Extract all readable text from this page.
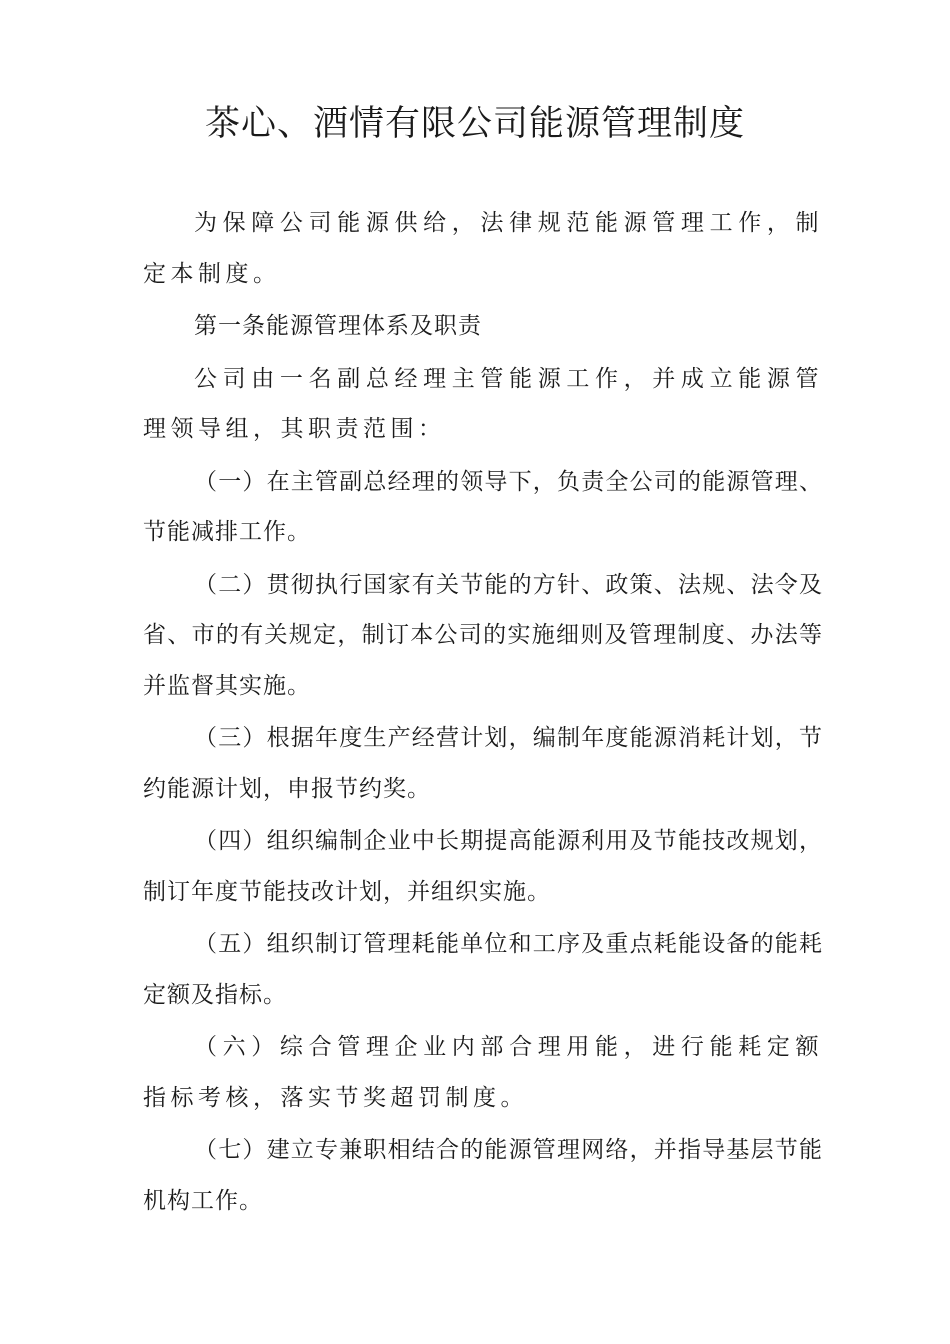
茶心、酒情有限公司能源管理制度

为保障公司能源供给，法律规范能源管理工作，制定本制度。

第一条能源管理体系及职责

公司由一名副总经理主管能源工作，并成立能源管理领导组，其职责范围：

（一）在主管副总经理的领导下，负责全公司的能源管理、节能减排工作。

（二）贯彻执行国家有关节能的方针、政策、法规、法令及省、市的有关规定，制订本公司的实施细则及管理制度、办法等并监督其实施。

（三）根据年度生产经营计划，编制年度能源消耗计划，节约能源计划，申报节约奖。

（四）组织编制企业中长期提高能源利用及节能技改规划，制订年度节能技改计划，并组织实施。

（五）组织制订管理耗能单位和工序及重点耗能设备的能耗定额及指标。

（六）综合管理企业内部合理用能，进行能耗定额指标考核，落实节奖超罚制度。

（七）建立专兼职相结合的能源管理网络，并指导基层节能机构工作。
